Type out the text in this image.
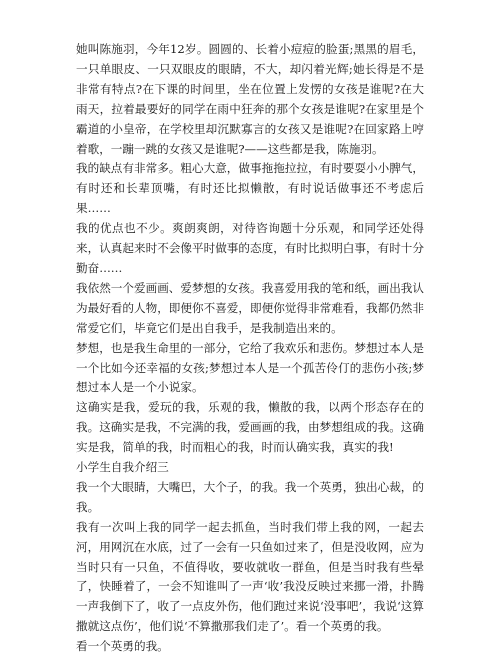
她叫陈施羽，今年12岁。圆圆的、长着小痘痘的脸蛋;黑黑的眉毛，一只单眼皮、一只双眼皮的眼睛，不大，却闪着光辉;她长得是不是非常有特点?在下课的时间里，坐在位置上发愣的女孩是谁呢?在大雨天，拉着最要好的同学在雨中狂奔的那个女孩是谁呢?在家里是个霸道的小皇帝，在学校里却沉默寡言的女孩又是谁呢?在回家路上哼着歌，一蹦一跳的女孩又是谁呢?——这些都是我，陈施羽。

我的缺点有非常多。粗心大意，做事拖拖拉拉，有时要耍小小脾气，有时还和长辈顶嘴，有时还比拟懒散，有时说话做事还不考虑后果……

我的优点也不少。爽朗爽朗，对待咨询题十分乐观，和同学还处得来，认真起来时不会像平时做事的态度，有时比拟明白事，有时十分勤奋……

我依然一个爱画画、爱梦想的女孩。我喜爱用我的笔和纸，画出我认为最好看的人物，即便你不喜爱，即便你觉得非常难看，我都仍然非常爱它们，毕竟它们是出自我手，是我制造出来的。

梦想，也是我生命里的一部分，它给了我欢乐和悲伤。梦想过本人是一个比如今还幸福的女孩;梦想过本人是一个孤苦伶仃的悲伤小孩;梦想过本人是一个小说家。

这确实是我，爱玩的我，乐观的我，懒散的我，以两个形态存在的我。这确实是我，不完满的我，爱画画的我，由梦想组成的我。这确实是我，简单的我，时而粗心的我，时而认确实我，真实的我!

小学生自我介绍三

我一个大眼睛，大嘴巴，大个子，的我。我一个英勇，独出心裁，的我。

我有一次叫上我的同学一起去抓鱼，当时我们带上我的网，一起去河，用网沉在水底，过了一会有一只鱼如过来了，但是没收网，应为当时只有一只鱼，不值得收，要收就收一群鱼，但是当时我有些晕了，快睡着了，一会不知谁叫了一声‘收’我没反映过来挪一滑，扑腾一声我倒下了，收了一点皮外伤，他们跑过来说‘没事吧’，我说‘这算撒就这点伤’，他们说‘不算撒那我们走了’。看一个英勇的我。

看一个英勇的我。
